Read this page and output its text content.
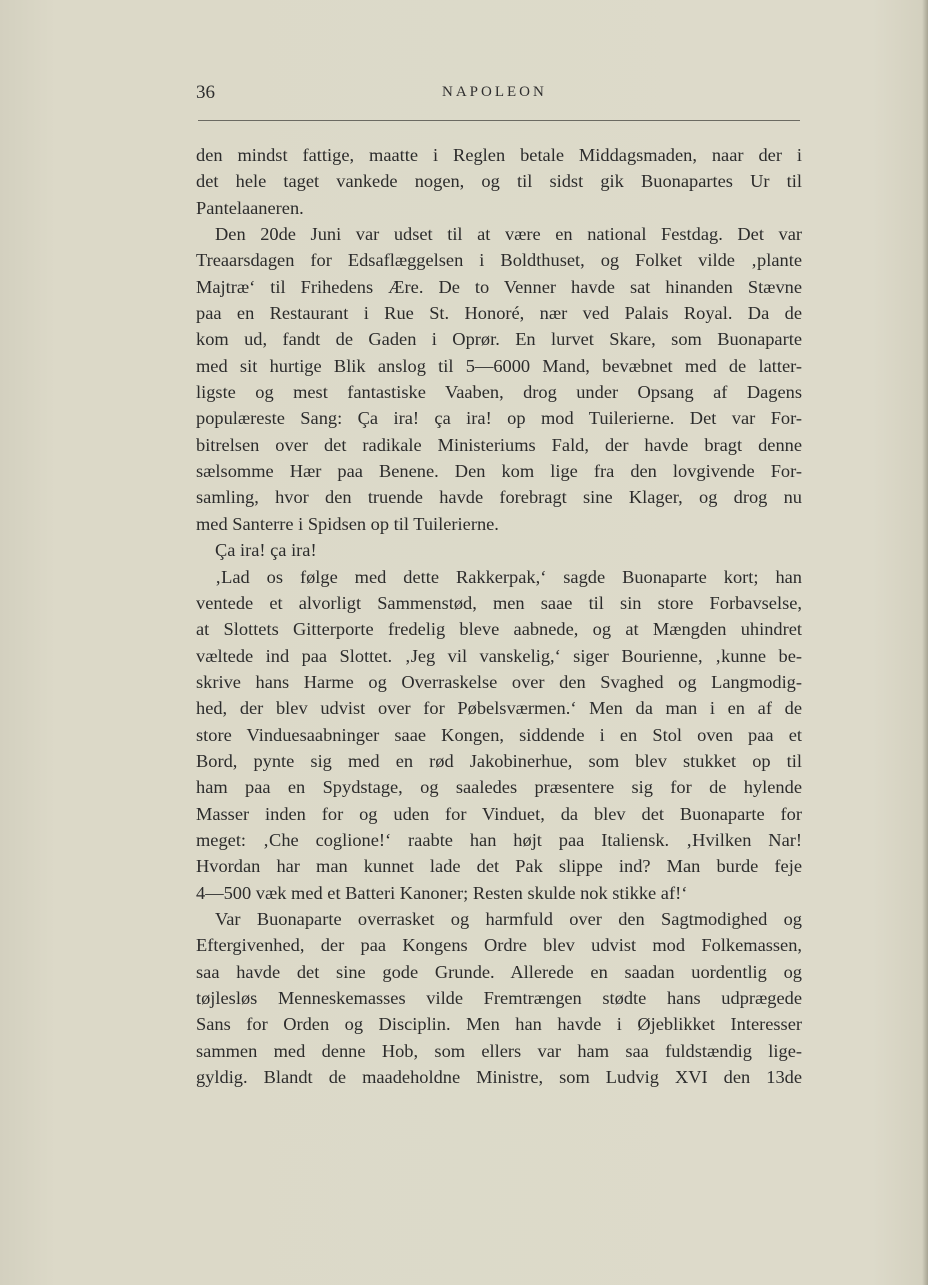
36	NAPOLEON
den mindst fattige, maatte i Reglen betale Middagsmaden, naar der i
det hele taget vankede nogen, og til sidst gik Buonapartes Ur til
Pantelaaneren.
Den 20de Juni var udset til at være en national Festdag. Det var
Treaarsdagen for Edsaflæggelsen i Boldthuset, og Folket vilde ‚plante
Majtræ‘ til Frihedens Ære. De to Venner havde sat hinanden Stævne
paa en Restaurant i Rue St. Honoré, nær ved Palais Royal. Da de
kom ud, fandt de Gaden i Oprør. En lurvet Skare, som Buonaparte
med sit hurtige Blik anslog til 5—6000 Mand, bevæbnet med de latter-
ligste og mest fantastiske Vaaben, drog under Opsang af Dagens
populæreste Sang: Ça ira! ça ira! op mod Tuilerierne. Det var For-
bitrelsen over det radikale Ministeriums Fald, der havde bragt denne
sælsomme Hær paa Benene. Den kom lige fra den lovgivende For-
samling, hvor den truende havde forebragt sine Klager, og drog nu
med Santerre i Spidsen op til Tuilerierne.
Ça ira! ça ira!
‚Lad os følge med dette Rakkerpak,‘ sagde Buonaparte kort; han
ventede et alvorligt Sammenstød, men saae til sin store Forbavselse,
at Slottets Gitterporte fredelig bleve aabnede, og at Mængden uhindret
væltede ind paa Slottet. ‚Jeg vil vanskelig,‘ siger Bourienne, ‚kunne be-
skrive hans Harme og Overraskelse over den Svaghed og Langmodig-
hed, der blev udvist over for Pøbelsværmen.‘ Men da man i en af de
store Vinduesaabninger saae Kongen, siddende i en Stol oven paa et
Bord, pynte sig med en rød Jakobinerhue, som blev stukket op til
ham paa en Spydstage, og saaledes præsentere sig for de hylende
Masser inden for og uden for Vinduet, da blev det Buonaparte for
meget: ‚Che coglione!‘ raabte han højt paa Italiensk. ‚Hvilken Nar!
Hvordan har man kunnet lade det Pak slippe ind? Man burde feje
4—500 væk med et Batteri Kanoner; Resten skulde nok stikke af!‘
Var Buonaparte overrasket og harmfuld over den Sagtmodighed og
Eftergivenhed, der paa Kongens Ordre blev udvist mod Folkemassen,
saa havde det sine gode Grunde. Allerede en saadan uordentlig og
tøjlesløs Menneskemasses vilde Fremtrængen stødte hans udprægede
Sans for Orden og Disciplin. Men han havde i Øjeblikket Interesser
sammen med denne Hob, som ellers var ham saa fuldstændig lige-
gyldig. Blandt de maadeholdne Ministre, som Ludvig XVI den 13de
